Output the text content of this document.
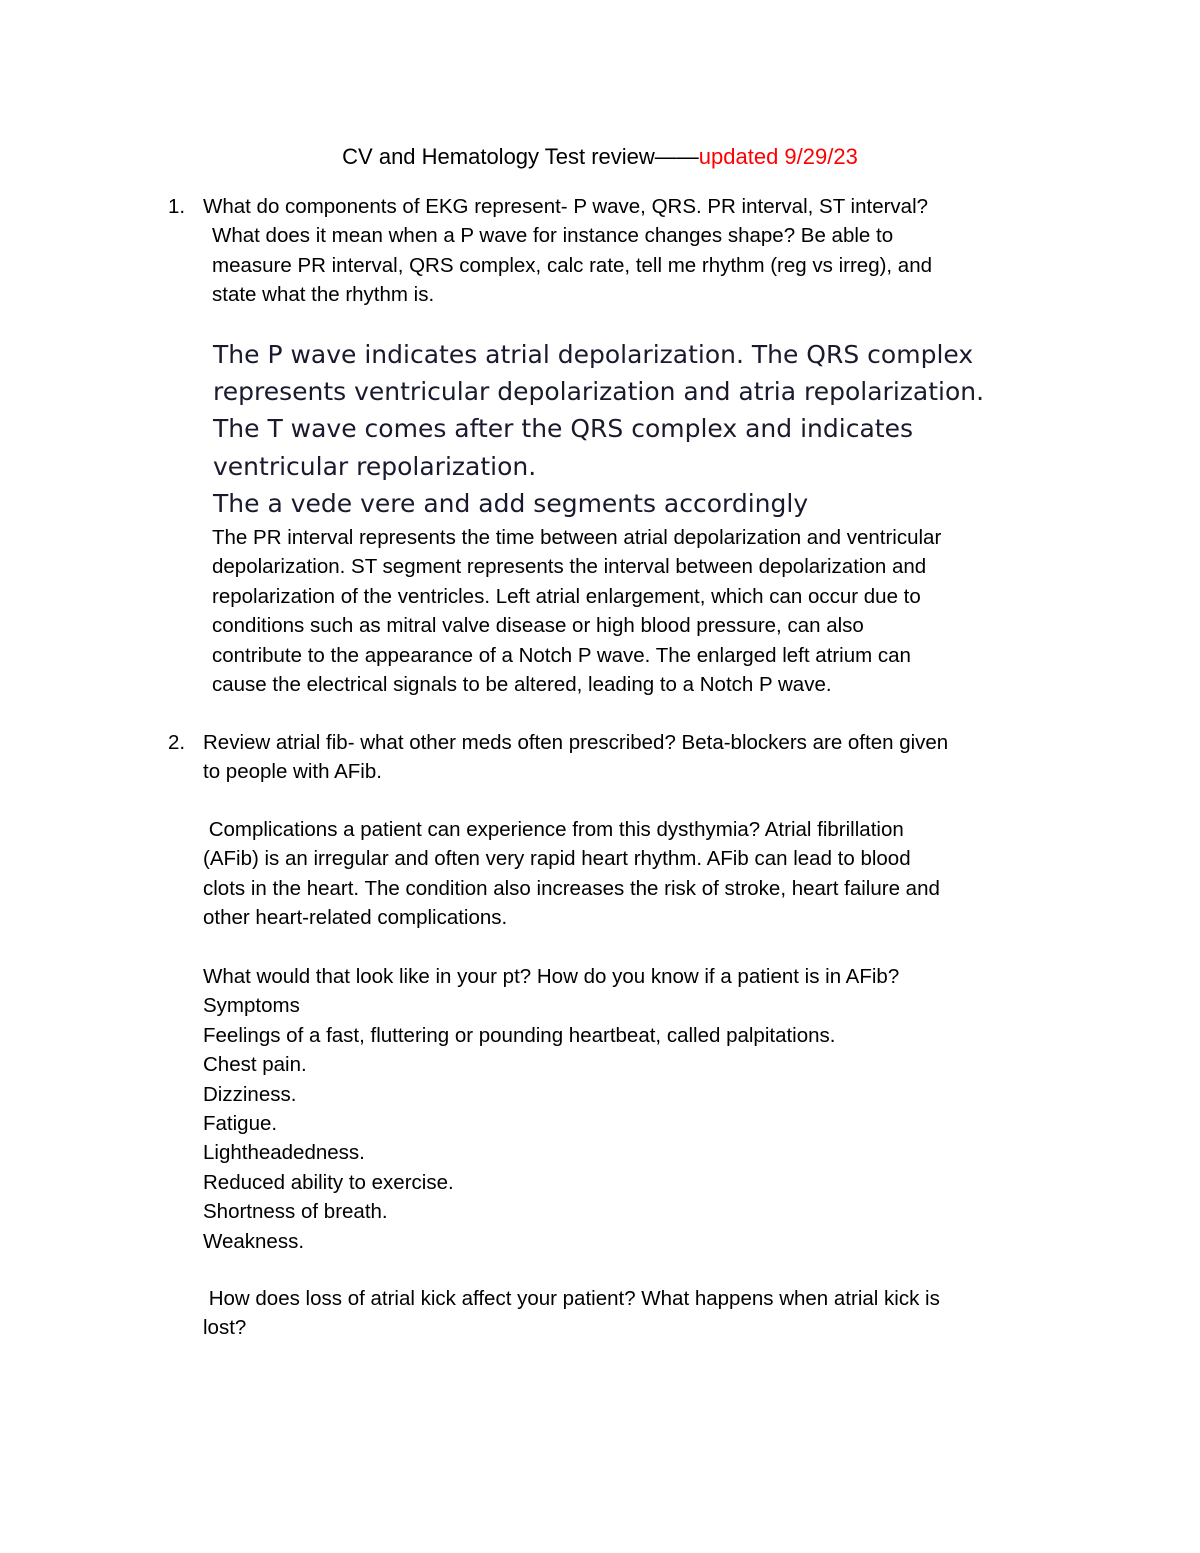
CV and Hematology Test review——updated 9/29/23
1. What do components of EKG represent- P wave, QRS. PR interval, ST interval?
What does it mean when a P wave for instance changes shape? Be able to
measure PR interval, QRS complex, calc rate, tell me rhythm (reg vs irreg), and
state what the rhythm is.
The P wave indicates atrial depolarization. The QRS complex
represents ventricular depolarization and atria repolarization.
The T wave comes after the QRS complex and indicates
ventricular repolarization.
The a vede vere and add segments accordingly
The PR interval represents the time between atrial depolarization and ventricular
depolarization. ST segment represents the interval between depolarization and
repolarization of the ventricles. Left atrial enlargement, which can occur due to
conditions such as mitral valve disease or high blood pressure, can also
contribute to the appearance of a Notch P wave. The enlarged left atrium can
cause the electrical signals to be altered, leading to a Notch P wave.
2. Review atrial fib- what other meds often prescribed? Beta-blockers are often given
to people with AFib.
Complications a patient can experience from this dysthymia? Atrial fibrillation
(AFib) is an irregular and often very rapid heart rhythm. AFib can lead to blood
clots in the heart. The condition also increases the risk of stroke, heart failure and
other heart-related complications.
What would that look like in your pt? How do you know if a patient is in AFib?
Symptoms
Feelings of a fast, fluttering or pounding heartbeat, called palpitations.
Chest pain.
Dizziness.
Fatigue.
Lightheadedness.
Reduced ability to exercise.
Shortness of breath.
Weakness.
How does loss of atrial kick affect your patient? What happens when atrial kick is
lost?
